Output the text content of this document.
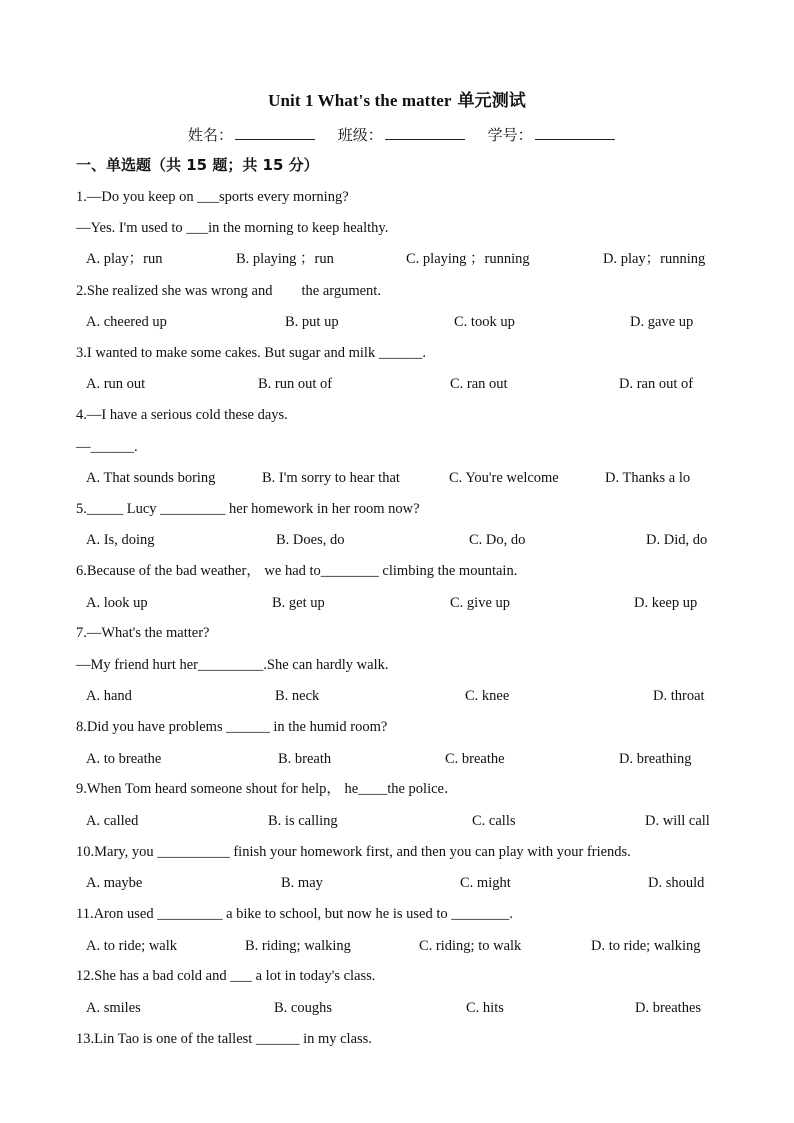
Unit 1 What's the matter 单元测试
姓名：	班级：	学号：
一、单选题（共 15 题；共 15 分）
1.—Do you keep on ___sports every morning?
—Yes. I'm used to ___in the morning to keep healthy.
A. play；run	B. playing ；run	C. playing ；running	D. play；running
2.She realized she was wrong and        the argument.
A. cheered up	B. put up	C. took up	D. gave up
3.I wanted to make some cakes. But sugar and milk ______.
A. run out	B. run out of	C. ran out	D. ran out of
4.—I have a serious cold these days.
—______.
A. That sounds boring	B. I'm sorry to hear that	C. You're welcome	D. Thanks a lo
5._____ Lucy _________ her homework in her room now?
A. Is, doing	B. Does, do	C. Do, do	D. Did, do
6.Because of the bad weather， we had to________ climbing the mountain.
A. look up	B. get up	C. give up	D. keep up
7.—What's the matter?
—My friend hurt her_________.She can hardly walk.
A. hand	B. neck	C. knee	D. throat
8.Did you have problems ______ in the humid room?
A. to breathe	B. breath	C. breathe	D. breathing
9.When Tom heard someone shout for help， he____the police．
A. called	B. is calling	C. calls	D. will call
10.Mary, you __________ finish your homework first, and then you can play with your friends.
A. maybe	B. may	C. might	D. should
11.Aron used _________ a bike to school, but now he is used to ________.
A. to ride; walk	B. riding; walking	C. riding; to walk	D. to ride; walking
12.She has a bad cold and ___ a lot in today's class.
A. smiles	B. coughs	C. hits	D. breathes
13.Lin Tao is one of the tallest ______ in my class.
